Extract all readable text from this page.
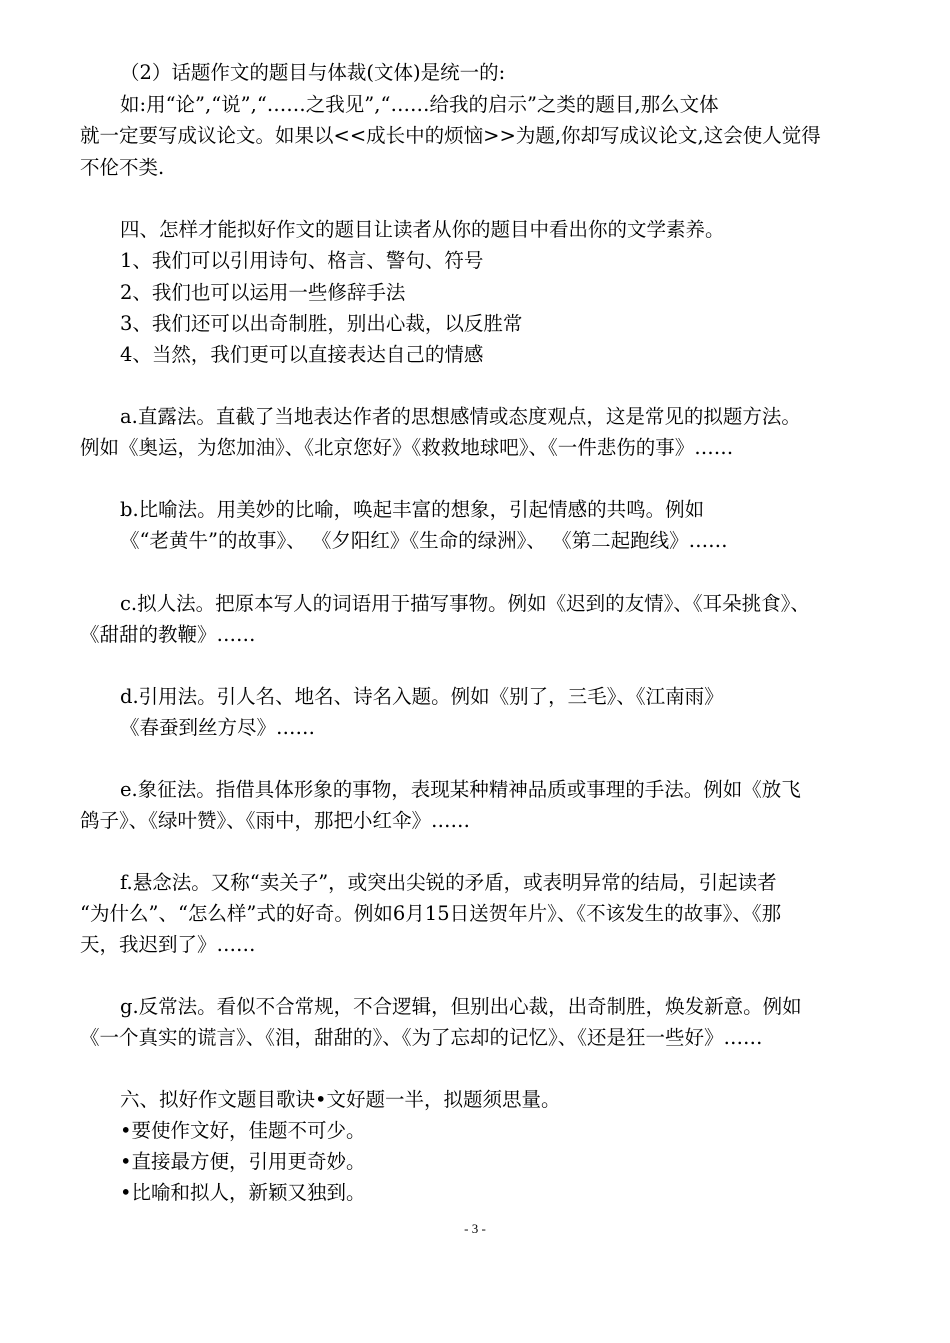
（2）话题作文的题目与体裁(文体)是统一的:
如:用“论”,“说”,“……之我见”,“……给我的启示”之类的题目,那么文体
就一定要写成议论文。如果以<<成长中的烦恼>>为题,你却写成议论文,这会使人觉得
不伦不类.
四、怎样才能拟好作文的题目让读者从你的题目中看出你的文学素养。
1、我们可以引用诗句、格言、警句、符号
2、我们也可以运用一些修辞手法
3、我们还可以出奇制胜，别出心裁，以反胜常
4、当然，我们更可以直接表达自己的情感
a.直露法。直截了当地表达作者的思想感情或态度观点，这是常见的拟题方法。
例如《奥运，为您加油》、《北京您好》《救救地球吧》、《一件悲伤的事》……
b.比喻法。用美妙的比喻，唤起丰富的想象，引起情感的共鸣。例如
《“老黄牛”的故事》、 《夕阳红》《生命的绿洲》、 《第二起跑线》……
c.拟人法。把原本写人的词语用于描写事物。例如《迟到的友情》、《耳朵挑食》、
《甜甜的教鞭》……
d.引用法。引人名、地名、诗名入题。例如《别了，三毛》、《江南雨》
《春蚕到丝方尽》……
e.象征法。指借具体形象的事物，表现某种精神品质或事理的手法。例如《放飞
鸽子》、《绿叶赞》、《雨中，那把小红伞》……
f.悬念法。又称“卖关子”，或突出尖锐的矛盾，或表明异常的结局，引起读者
“为什么”、“怎么样”式的好奇。例如6月15日送贺年片》、《不该发生的故事》、《那
天，我迟到了》……
g.反常法。看似不合常规，不合逻辑，但别出心裁，出奇制胜，焕发新意。例如
《一个真实的谎言》、《泪，甜甜的》、《为了忘却的记忆》、《还是狂一些好》……
六、拟好作文题目歌诀•文好题一半，拟题须思量。
•要使作文好，佳题不可少。
•直接最方便，引用更奇妙。
•比喻和拟人，新颖又独到。
- 3 -
